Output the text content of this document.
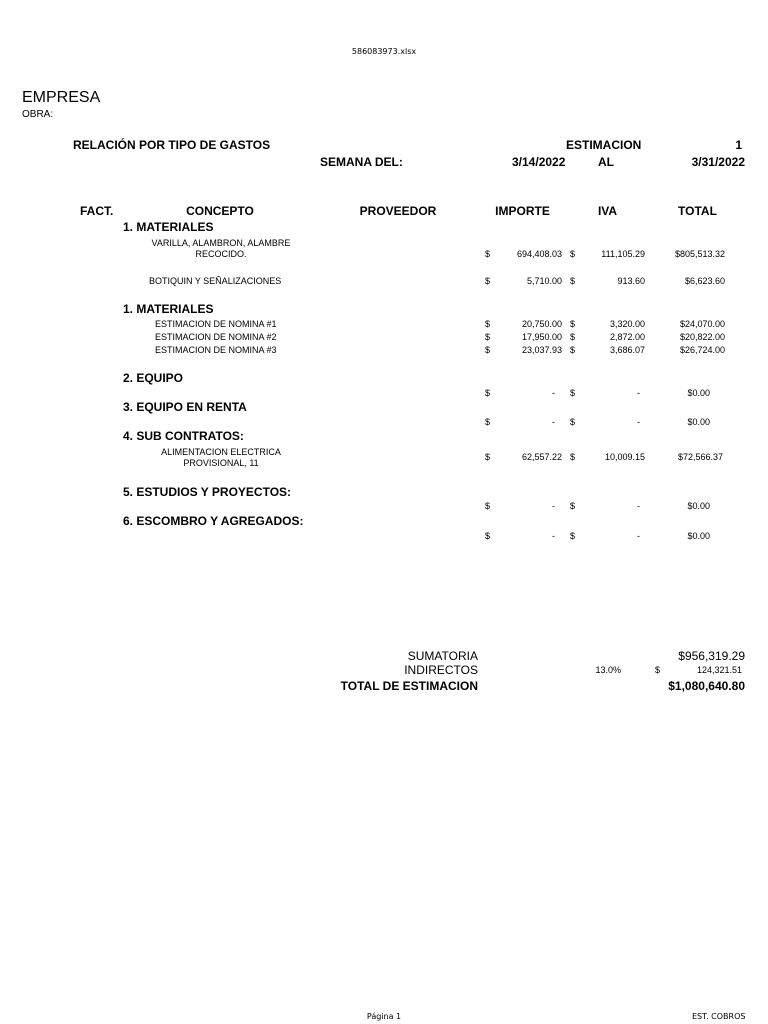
586083973.xlsx
EMPRESA
OBRA:
RELACIÓN POR TIPO DE GASTOS	ESTIMACION	1
SEMANA DEL:	3/14/2022	AL	3/31/2022
FACT.	CONCEPTO	PROVEEDOR	IMPORTE	IVA	TOTAL
1. MATERIALES
VARILLA, ALAMBRON, ALAMBRE
RECOCIDO.	$	694,408.03 $	111,105.29	$805,513.32
BOTIQUIN Y SEÑALIZACIONES	$	5,710.00 $	913.60	$6,623.60
1. MATERIALES
ESTIMACION DE NOMINA #1	$	20,750.00 $	3,320.00	$24,070.00
ESTIMACION DE NOMINA #2	$	17,950.00 $	2,872.00	$20,822.00
ESTIMACION DE NOMINA #3	$	23,037.93 $	3,686.07	$26,724.00
2. EQUIPO
$	- $	-	$0.00
3. EQUIPO EN RENTA
$	- $	-	$0.00
4. SUB CONTRATOS:
ALIMENTACION ELECTRICA
PROVISIONAL, 11
$	62,557.22 $	10,009.15	$72,566.37
5. ESTUDIOS Y PROYECTOS:
$	- $	-	$0.00
6. ESCOMBRO Y AGREGADOS:
$	- $	-	$0.00
SUMATORIA	$956,319.29
INDIRECTOS	13.0%	$	124,321.51
TOTAL DE ESTIMACION	$1,080,640.80
Página 1	EST. COBROS
